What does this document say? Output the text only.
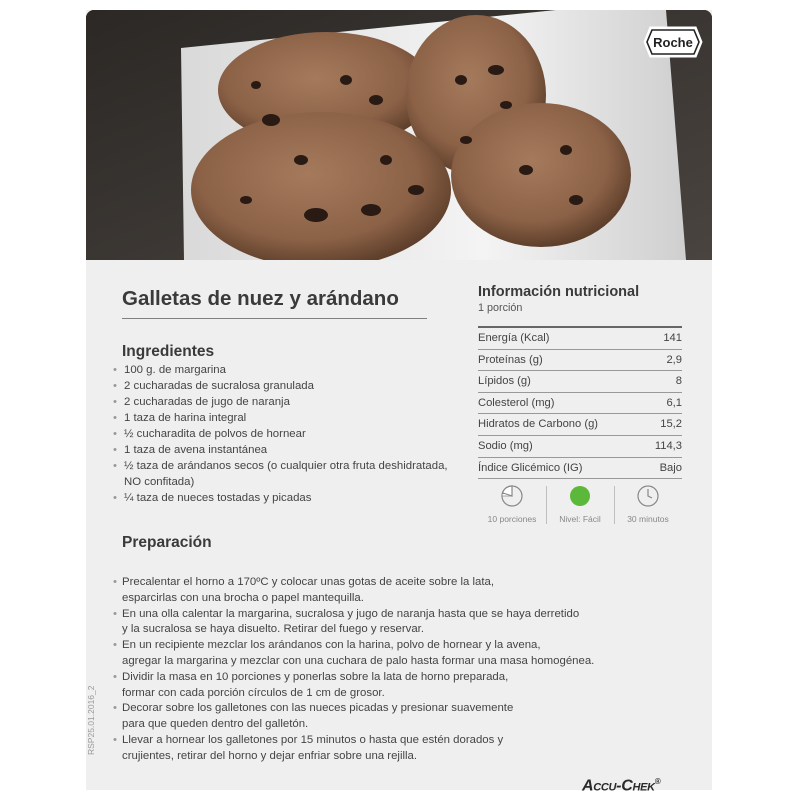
Roche
Galletas de nuez y arándano
Ingredientes
• 100 g. de margarina
• 2 cucharadas de sucralosa granulada
• 2 cucharadas de jugo de naranja
• 1 taza de harina integral
• ½ cucharadita de polvos de hornear
• 1 taza de avena instantánea
• ½ taza de arándanos secos (o cualquier otra fruta deshidratada, NO confitada)
• ¼ taza de nueces tostadas y picadas
Información nutricional
1 porción
Energía (Kcal)	141
Proteínas (g)	2,9
Lípidos (g)	8
Colesterol (mg)	6,1
Hidratos de Carbono (g)	15,2
Sodio (mg)	114,3
Índice Glicémico (IG)	Bajo
10 porciones	Nivel: Fácil	30 minutos
Preparación
• Precalentar el horno a 170ºC y colocar unas gotas de aceite sobre la lata,
esparcirlas con una brocha o papel mantequilla.
• En una olla calentar la margarina, sucralosa y jugo de naranja hasta que se haya derretido
y la sucralosa se haya disuelto. Retirar del fuego y reservar.
• En un recipiente mezclar los arándanos con la harina, polvo de hornear y la avena,
agregar la margarina y mezclar con una cuchara de palo hasta formar una masa homogénea.
• Dividir la masa en 10 porciones y ponerlas sobre la lata de horno preparada,
formar con cada porción círculos de 1 cm de grosor.
• Decorar sobre los galletones con las nueces picadas y presionar suavemente
para que queden dentro del galletón.
• Llevar a hornear los galletones por 15 minutos o hasta que estén dorados y
crujientes, retirar del horno y dejar enfriar sobre una rejilla.
RSP25.01.2016_2
Accu-Chek®
